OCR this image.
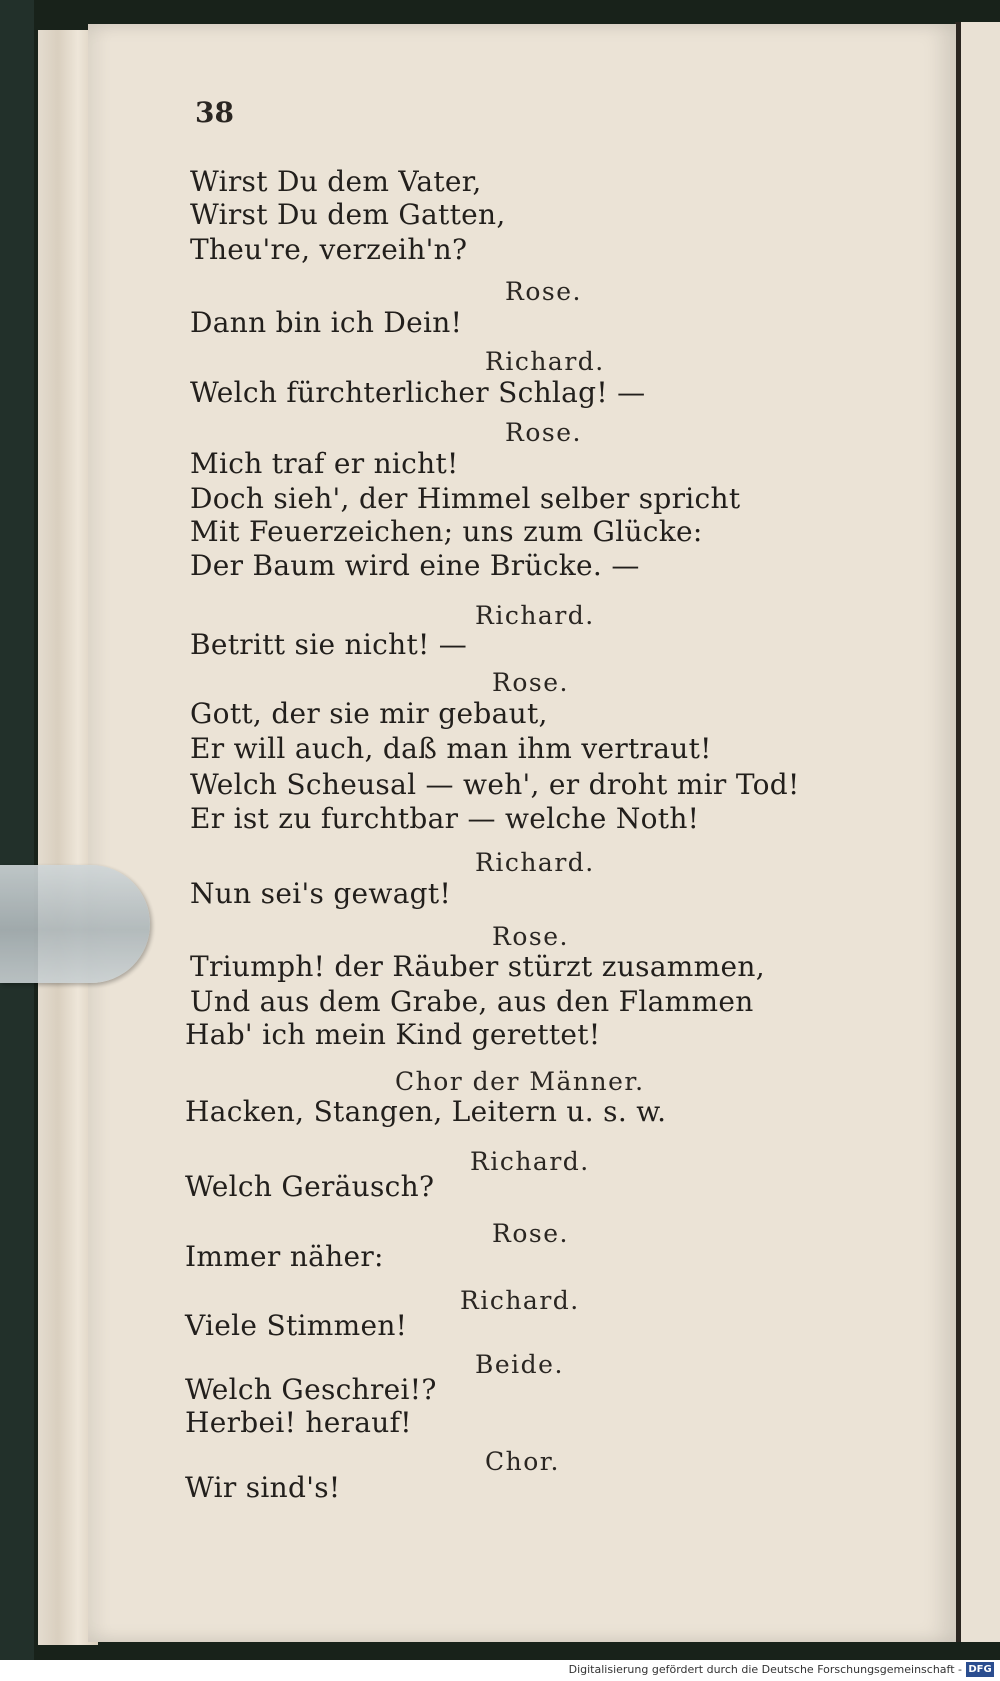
38
Wirst Du dem Vater,
Wirst Du dem Gatten,
Theu're, verzeih'n?
Rose.
Dann bin ich Dein!
Richard.
Welch fürchterlicher Schlag! —
Rose.
Mich traf er nicht!
Doch sieh', der Himmel selber spricht
Mit Feuerzeichen; uns zum Glücke:
Der Baum wird eine Brücke. —
Richard.
Betritt sie nicht! —
Rose.
Gott, der sie mir gebaut,
Er will auch, daß man ihm vertraut!
Welch Scheusal — weh', er droht mir Tod!
Er ist zu furchtbar — welche Noth!
Richard.
Nun sei's gewagt!
Rose.
Triumph! der Räuber stürzt zusammen,
Und aus dem Grabe, aus den Flammen
Hab' ich mein Kind gerettet!
Chor der Männer.
Hacken, Stangen, Leitern u. s. w.
Richard.
Welch Geräusch?
Rose.
Immer näher:
Richard.
Viele Stimmen!
Beide.
Welch Geschrei!?
Herbei! herauf!
Chor.
Wir sind's!
Digitalisierung gefördert durch die Deutsche Forschungsgemeinschaft - DFG
